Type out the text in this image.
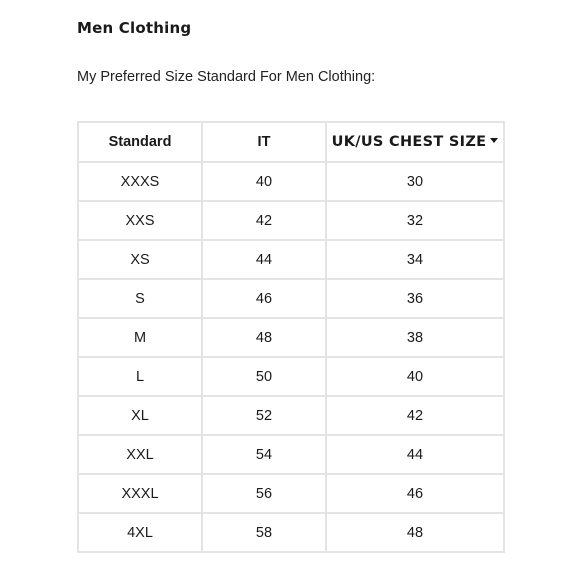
Men Clothing
My Preferred Size Standard For Men Clothing:
Standard	IT	UK/US CHEST SIZE
XXXS	40	30
XXS	42	32
XS	44	34
S	46	36
M	48	38
L	50	40
XL	52	42
XXL	54	44
XXXL	56	46
4XL	58	48
